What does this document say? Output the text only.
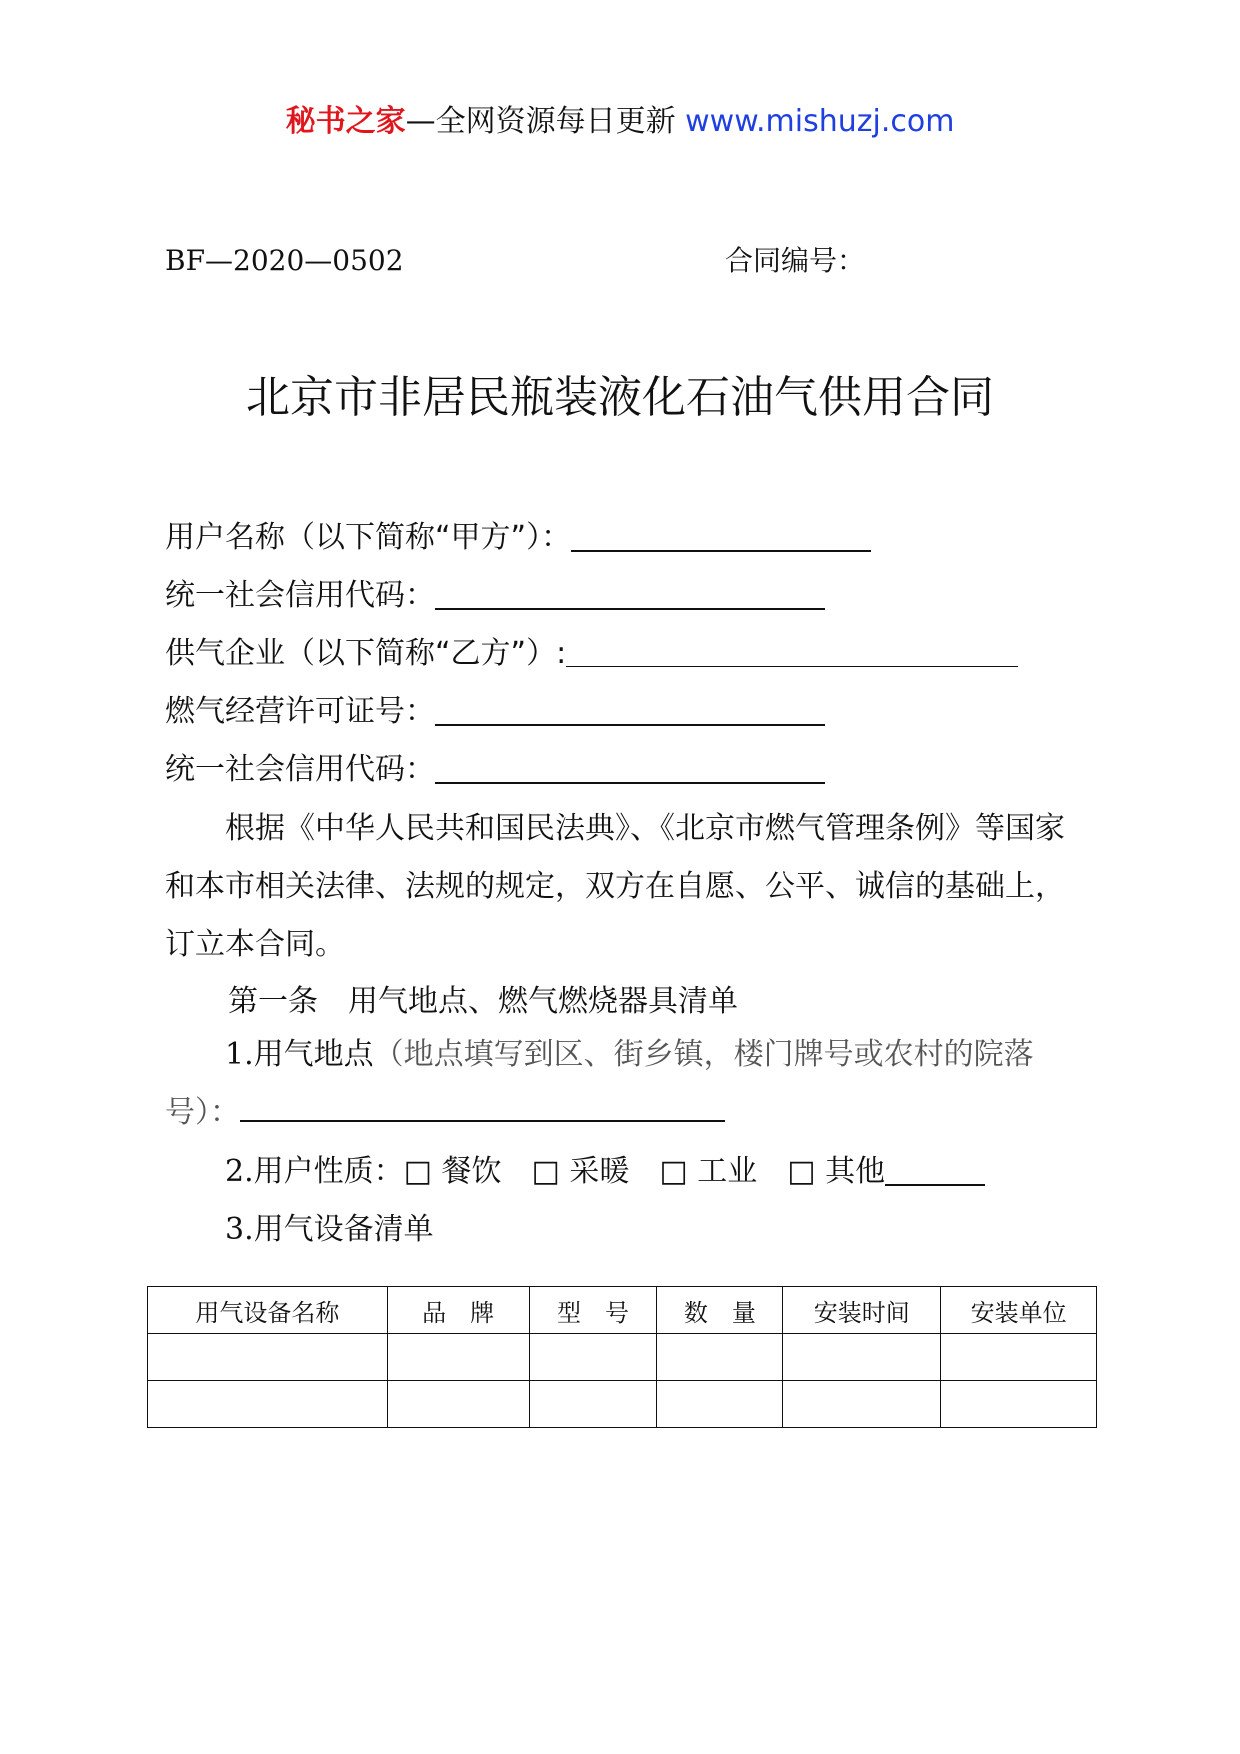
秘书之家—全网资源每日更新 www.mishuzj.com
BF—2020—0502	合同编号：
北京市非居民瓶装液化石油气供用合同
用户名称（以下简称“甲方”）：
统一社会信用代码：
供气企业（以下简称“乙方”）:
燃气经营许可证号：
统一社会信用代码：
根据《中华人民共和国民法典》、《北京市燃气管理条例》等国家和本市相关法律、法规的规定，双方在自愿、公平、诚信的基础上，订立本合同。
第一条　用气地点、燃气燃烧器具清单
1.用气地点（地点填写到区、街乡镇，楼门牌号或农村的院落号）：
2.用户性质：□ 餐饮　 □ 采暖　 □ 工业　 □ 其他
3.用气设备清单
用气设备名称	品　牌	型　号	数　量	安装时间	安装单位
